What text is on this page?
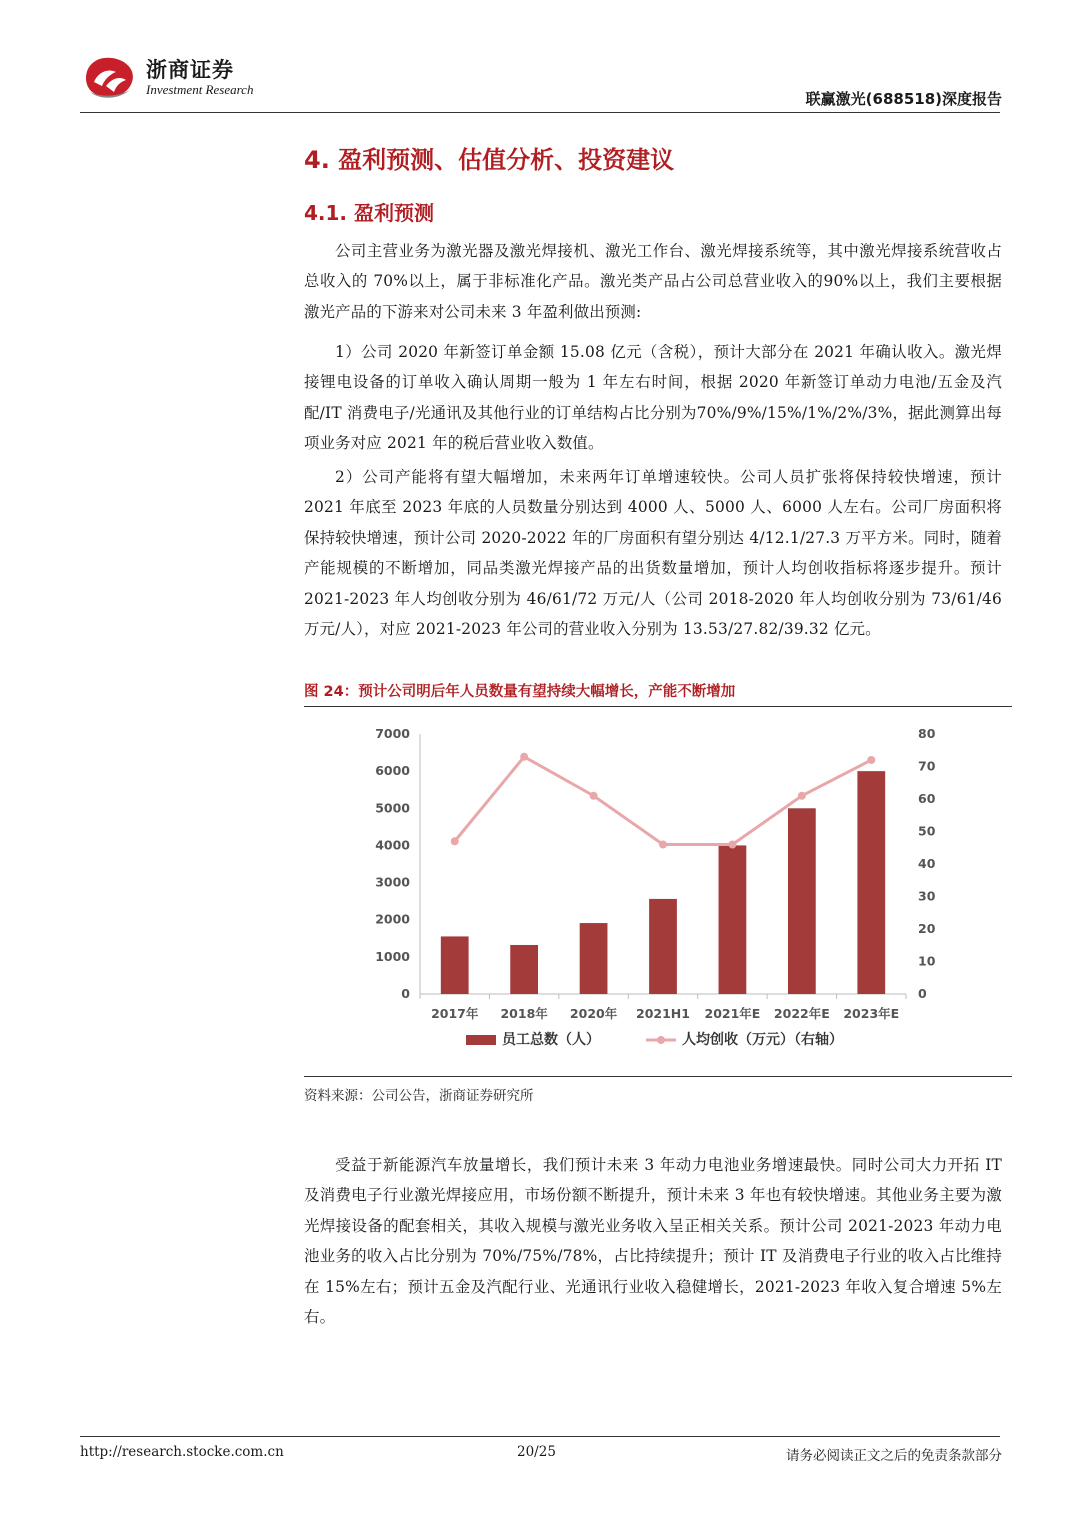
浙商证券
Investment Research
联赢激光(688518)深度报告
4. 盈利预测、估值分析、投资建议
4.1. 盈利预测

公司主营业务为激光器及激光焊接机、激光工作台、激光焊接系统等，其中激光焊接系统营收占总收入的 70%以上，属于非标准化产品。激光类产品占公司总营业收入的90%以上，我们主要根据激光产品的下游来对公司未来 3 年盈利做出预测:

1）公司 2020 年新签订单金额 15.08 亿元（含税），预计大部分在 2021 年确认收入。激光焊接锂电设备的订单收入确认周期一般为 1 年左右时间，根据 2020 年新签订单动力电池/五金及汽配/IT 消费电子/光通讯及其他行业的订单结构占比分别为70%/9%/15%/1%/2%/3%，据此测算出每项业务对应 2021 年的税后营业收入数值。

2）公司产能将有望大幅增加，未来两年订单增速较快。公司人员扩张将保持较快增速，预计 2021 年底至 2023 年底的人员数量分别达到 4000 人、5000 人、6000 人左右。公司厂房面积将保持较快增速，预计公司 2020-2022 年的厂房面积有望分别达 4/12.1/27.3 万平方米。同时，随着产能规模的不断增加，同品类激光焊接产品的出货数量增加，预计人均创收指标将逐步提升。预计 2021-2023 年人均创收分别为 46/61/72 万元/人（公司 2018-2020 年人均创收分别为 73/61/46 万元/人），对应 2021-2023 年公司的营业收入分别为 13.53/27.82/39.32 亿元。

图 24：预计公司明后年人员数量有望持续大幅增长，产能不断增加
0
1000
2000
3000
4000
5000
6000
7000
0
10
20
30
40
50
60
70
80
2017年 2018年 2020年 2021H1 2021年E 2022年E 2023年E
员工总数（人）	人均创收（万元）（右轴）
资料来源：公司公告，浙商证券研究所

受益于新能源汽车放量增长，我们预计未来 3 年动力电池业务增速最快。同时公司大力开拓 IT 及消费电子行业激光焊接应用，市场份额不断提升，预计未来 3 年也有较快增速。其他业务主要为激光焊接设备的配套相关，其收入规模与激光业务收入呈正相关关系。预计公司 2021-2023 年动力电池业务的收入占比分别为 70%/75%/78%，占比持续提升；预计 IT 及消费电子行业的收入占比维持在 15%左右；预计五金及汽配行业、光通讯行业收入稳健增长，2021-2023 年收入复合增速 5%左右。

http://research.stocke.com.cn	20/25	请务必阅读正文之后的免责条款部分
